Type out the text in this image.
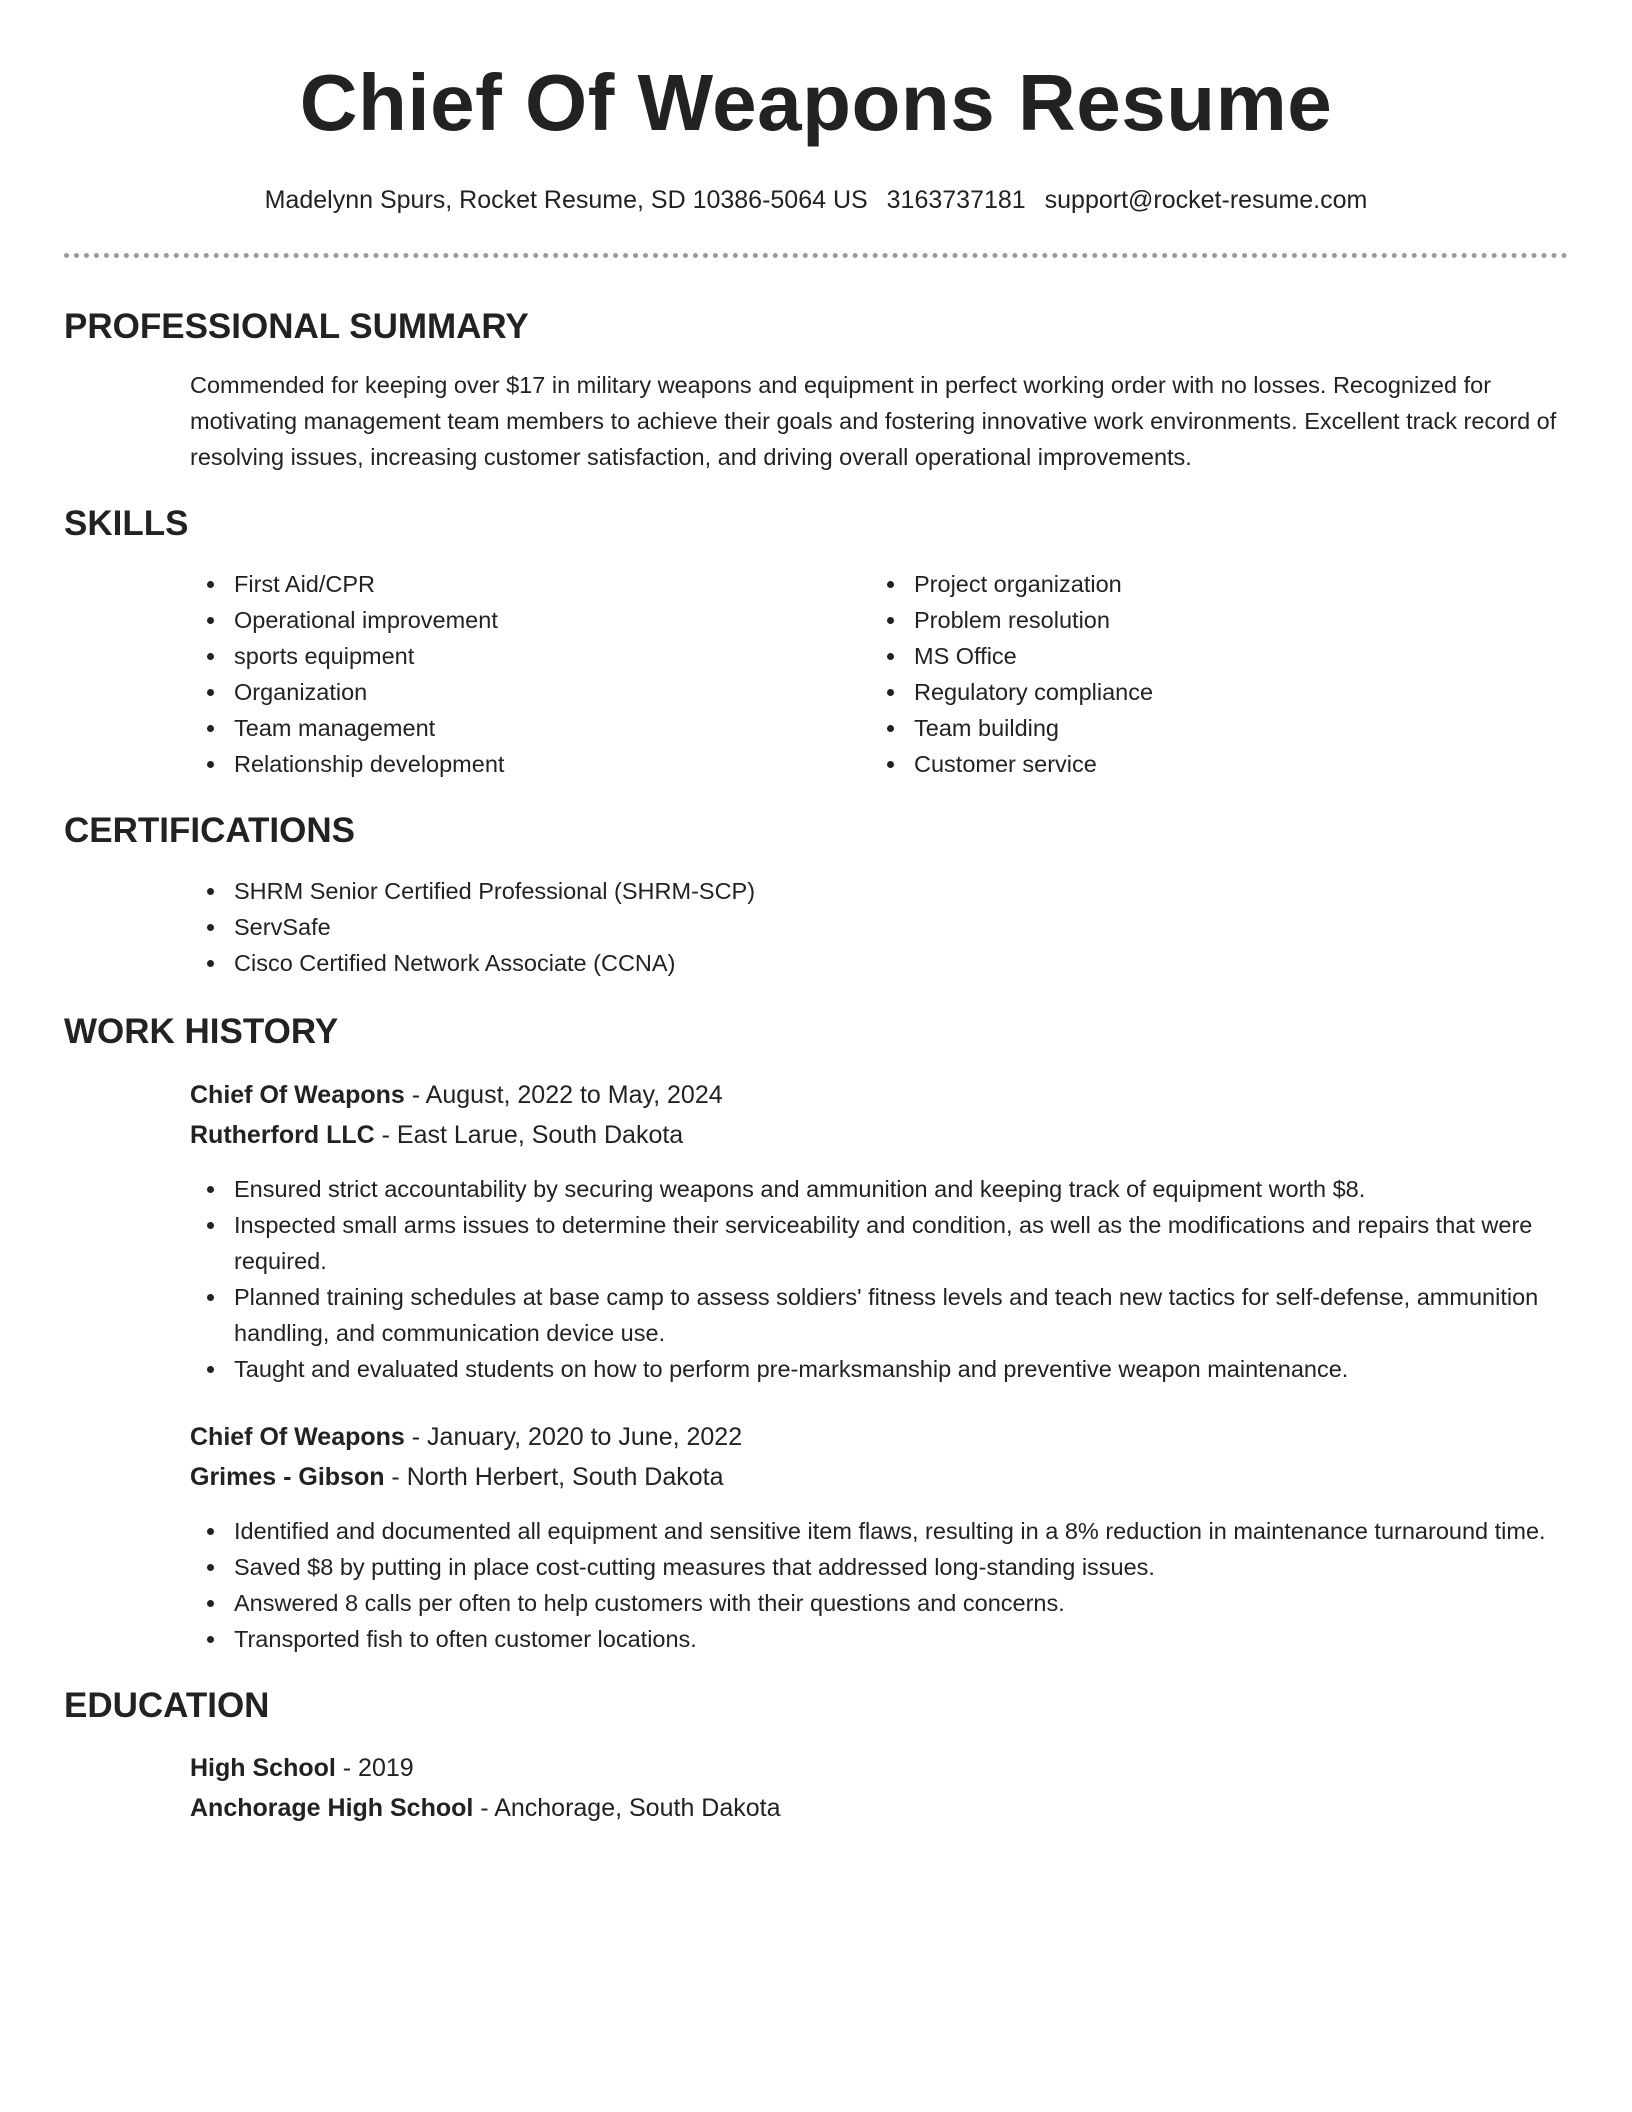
Chief Of Weapons Resume
Madelynn Spurs, Rocket Resume, SD 10386-5064 US 3163737181 support@rocket-resume.com
PROFESSIONAL SUMMARY

Commended for keeping over $17 in military weapons and equipment in perfect working order with no losses. Recognized for motivating management team members to achieve their goals and fostering innovative work environments. Excellent track record of resolving issues, increasing customer satisfaction, and driving overall operational improvements.

SKILLS
First Aid/CPR
Operational improvement
sports equipment
Organization
Team management
Relationship development
Project organization
Problem resolution
MS Office
Regulatory compliance
Team building
Customer service
CERTIFICATIONS
SHRM Senior Certified Professional (SHRM-SCP)
ServSafe
Cisco Certified Network Associate (CCNA)
WORK HISTORY
Chief Of Weapons - August, 2022 to May, 2024
Rutherford LLC - East Larue, South Dakota
Ensured strict accountability by securing weapons and ammunition and keeping track of equipment worth $8.
Inspected small arms issues to determine their serviceability and condition, as well as the modifications and repairs that were required.
Planned training schedules at base camp to assess soldiers' fitness levels and teach new tactics for self-defense, ammunition handling, and communication device use.
Taught and evaluated students on how to perform pre-marksmanship and preventive weapon maintenance.
Chief Of Weapons - January, 2020 to June, 2022
Grimes - Gibson - North Herbert, South Dakota
Identified and documented all equipment and sensitive item flaws, resulting in a 8% reduction in maintenance turnaround time.
Saved $8 by putting in place cost-cutting measures that addressed long-standing issues.
Answered 8 calls per often to help customers with their questions and concerns.
Transported fish to often customer locations.
EDUCATION
High School - 2019
Anchorage High School - Anchorage, South Dakota
